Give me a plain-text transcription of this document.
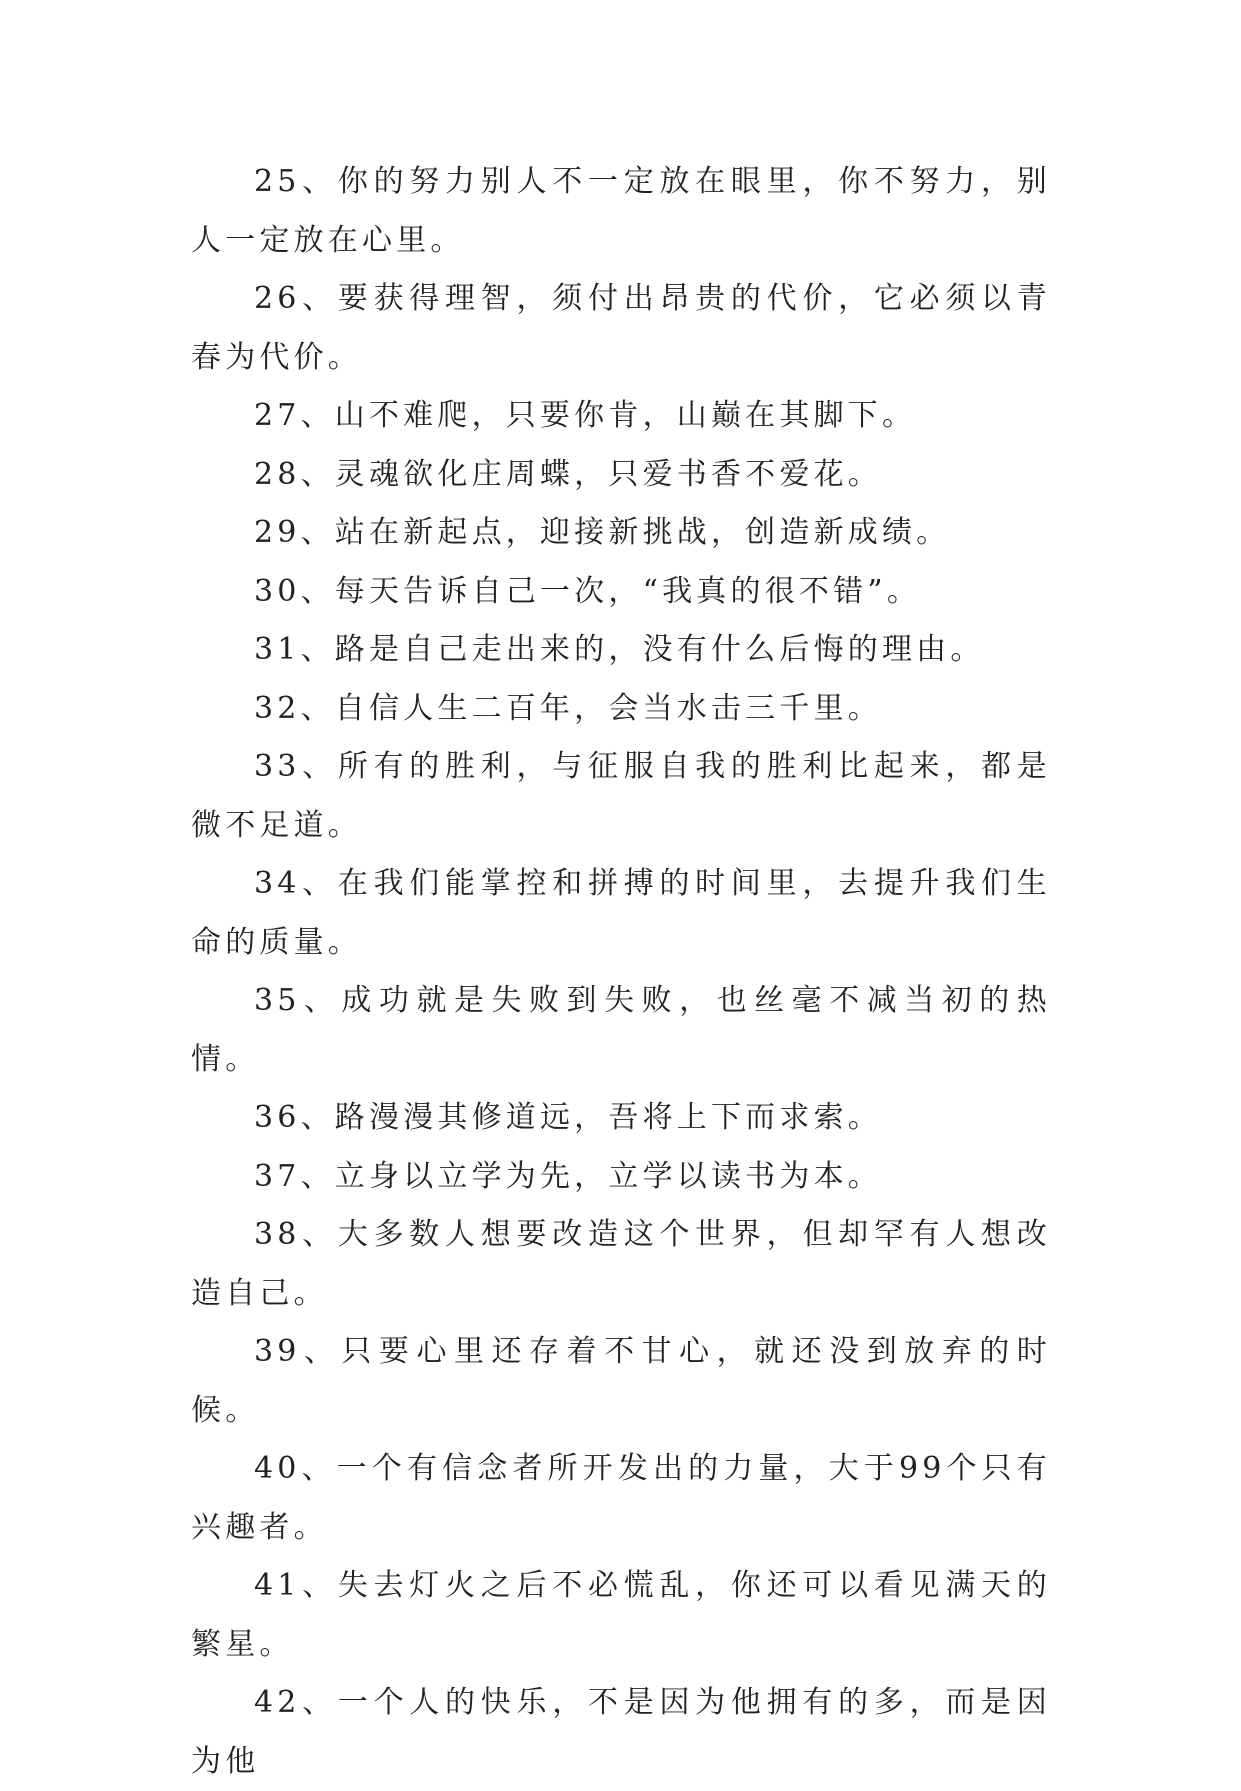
25、你的努力别人不一定放在眼里，你不努力，别人一定放在心里。

26、要获得理智，须付出昂贵的代价，它必须以青春为代价。

27、山不难爬，只要你肯，山巅在其脚下。

28、灵魂欲化庄周蝶，只爱书香不爱花。

29、站在新起点，迎接新挑战，创造新成绩。

30、每天告诉自己一次，“我真的很不错”。

31、路是自己走出来的，没有什么后悔的理由。

32、自信人生二百年，会当水击三千里。

33、所有的胜利，与征服自我的胜利比起来，都是微不足道。

34、在我们能掌控和拼搏的时间里，去提升我们生命的质量。

35、成功就是失败到失败，也丝毫不减当初的热情。

36、路漫漫其修道远，吾将上下而求索。

37、立身以立学为先，立学以读书为本。

38、大多数人想要改造这个世界，但却罕有人想改造自己。

39、只要心里还存着不甘心，就还没到放弃的时候。

40、一个有信念者所开发出的力量，大于99个只有兴趣者。

41、失去灯火之后不必慌乱，你还可以看见满天的繁星。

42、一个人的快乐，不是因为他拥有的多，而是因为他
